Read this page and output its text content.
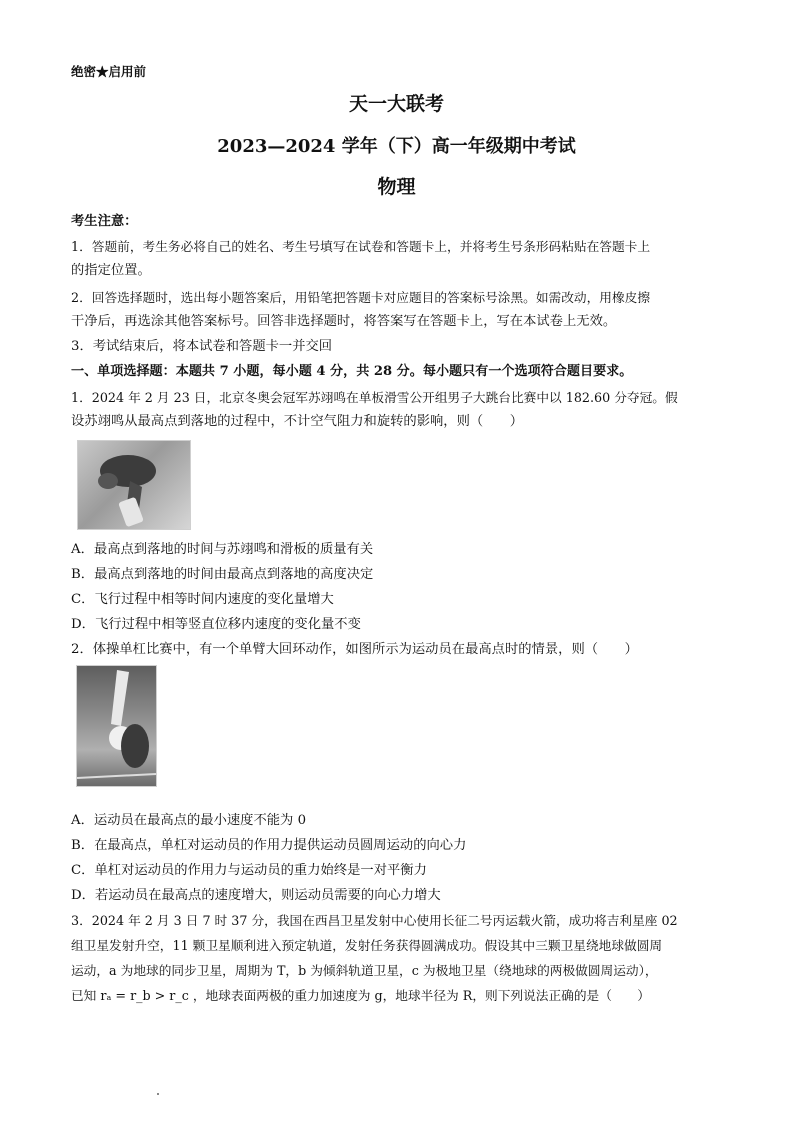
绝密★启用前
天一大联考
2023—2024 学年（下）高一年级期中考试
物理
考生注意：
1．答题前，考生务必将自己的姓名、考生号填写在试卷和答题卡上，并将考生号条形码粘贴在答题卡上
的指定位置。
2．回答选择题时，选出每小题答案后，用铅笔把答题卡对应题目的答案标号涂黑。如需改动，用橡皮擦
干净后，再选涂其他答案标号。回答非选择题时，将答案写在答题卡上，写在本试卷上无效。
3．考试结束后，将本试卷和答题卡一并交回
一、单项选择题：本题共 7 小题，每小题 4 分，共 28 分。每小题只有一个选项符合题目要求。
1．2024 年 2 月 23 日，北京冬奥会冠军苏翊鸣在单板滑雪公开组男子大跳台比赛中以 182.60 分夺冠。假
设苏翊鸣从最高点到落地的过程中，不计空气阻力和旋转的影响，则（　　）
A．最高点到落地的时间与苏翊鸣和滑板的质量有关
B．最高点到落地的时间由最高点到落地的高度决定
C．飞行过程中相等时间内速度的变化量增大
D．飞行过程中相等竖直位移内速度的变化量不变
2．体操单杠比赛中，有一个单臂大回环动作，如图所示为运动员在最高点时的情景，则（　　）
A．运动员在最高点的最小速度不能为 0
B．在最高点，单杠对运动员的作用力提供运动员圆周运动的向心力
C．单杠对运动员的作用力与运动员的重力始终是一对平衡力
D．若运动员在最高点的速度增大，则运动员需要的向心力增大
3．2024 年 2 月 3 日 7 时 37 分，我国在西昌卫星发射中心使用长征二号丙运载火箭，成功将吉利星座 02
组卫星发射升空，11 颗卫星顺利进入预定轨道，发射任务获得圆满成功。假设其中三颗卫星绕地球做圆周
运动，a 为地球的同步卫星，周期为 T，b 为倾斜轨道卫星，c 为极地卫星（绕地球的两极做圆周运动），
已知 rₐ = r_b > r_c ，地球表面两极的重力加速度为 g，地球半径为 R，则下列说法正确的是（　　）
